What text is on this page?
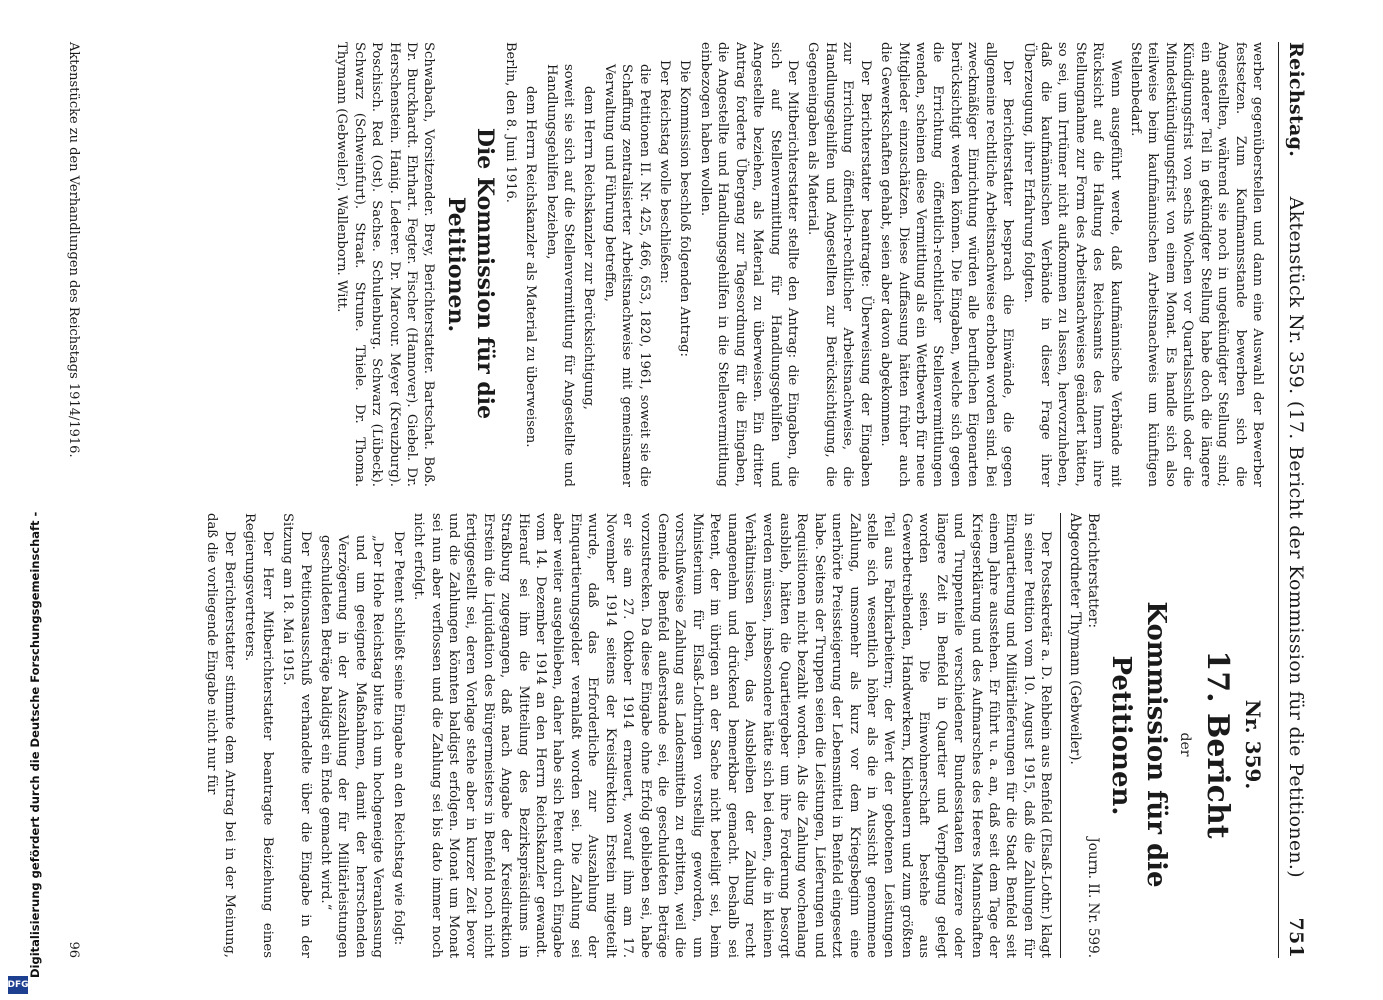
Reichstag.
Aktenstück Nr. 359. (17. Bericht der Kommission für die Petitionen.)
751

werber gegenüberstellen und dann eine Auswahl der Bewerber festsetzen. Zum Kaufmannsstande bewerben sich die Angestellten, während sie noch in ungekündigter Stellung sind; ein anderer Teil in gekündigter Stellung habe doch die längere Kündigungsfrist von sechs Wochen vor Quartalsschluß oder die Mindestkündigungsfrist von einem Monat. Es handle sich also teilweise beim kaufmännischen Arbeitsnachweis um künftigen Stellenbedarf.

Wenn ausgeführt werde, daß kaufmännische Verbände mit Rücksicht auf die Haltung des Reichsamts des Innern ihre Stellungnahme zur Form des Arbeitsnachweises geändert hätten, so sei, um Irrtümer nicht aufkommen zu lassen, hervorzuheben, daß die kaufmännischen Verbände in dieser Frage ihrer Überzeugung, ihrer Erfahrung folgten.

Der Berichterstatter besprach die Einwände, die gegen allgemeine rechtliche Arbeitsnachweise erhoben worden sind. Bei zweckmäßiger Einrichtung würden alle beruflichen Eigenarten berücksichtigt werden können. Die Eingaben, welche sich gegen die Errichtung öffentlich-rechtlicher Stellenvermittlungen wenden, scheinen diese Vermittlung als ein Wettbewerb für neue Mitglieder einzuschätzen. Diese Auffassung hätten früher auch die Gewerkschaften gehabt, seien aber davon abgekommen.

Der Berichterstatter beantragte: Überweisung der Eingaben zur Errichtung öffentlich-rechtlicher Arbeitsnachweise, die Handlungsgehilfen und Angestellten zur Berücksichtigung, die Gegeneingaben als Material.

Der Mitberichterstatter stellte den Antrag: die Eingaben, die sich auf Stellenvermittlung für Handlungsgehilfen und Angestellte beziehen, als Material zu überweisen. Ein dritter Antrag forderte Übergang zur Tagesordnung für die Eingaben, die Angestellte und Handlungsgehilfen in die Stellenvermittlung einbezogen haben wollen.

Die Kommission beschloß folgenden Antrag:

Der Reichstag wolle beschließen:

die Petitionen II. Nr. 425, 466, 653, 1820, 1961, soweit sie die Schaffung zentralisierter Arbeitsnachweise mit gemeinsamer Verwaltung und Führung betreffen,

dem Herrn Reichskanzler zur Berücksichtigung,

soweit sie sich auf die Stellenvermittlung für Angestellte und Handlungsgehilfen beziehen,

dem Herrn Reichskanzler als Material zu überweisen.

Berlin, den 8. Juni 1916.

Die Kommission für die Petitionen.

Schwabach, Vorsitzender. Brey, Berichterstatter. Bartschat. Boß. Dr. Burckhardt. Ehrhart. Fegter. Fischer (Hannover). Giebel. Dr. Herschenstein. Hanig. Lederer. Dr. Marcour. Meyer (Kreuzburg). Poschisch. Red (Ost). Sachse. Schulenburg. Schwarz (Lübeck). Schwarz (Schweinfurt). Straat. Strune. Thiele. Dr. Thoma. Thymann (Gebweiler). Wallenborn. Witt.

Nr. 359.

17. Bericht

der

Kommission für die Petitionen.

Berichterstatter:
Abgeordneter Thymann (Gebweiler).
Journ. II. Nr. 599.

Der Postsekretär a. D. Rehbein aus Benfeld (Elsaß-Lothr.) klagt in seiner Petition vom 10. August 1915, daß die Zahlungen für Einquartierung und Militärlieferungen für die Stadt Benfeld seit einem Jahre ausstehen. Er führt u. a. an, daß seit dem Tage der Kriegserklärung und des Aufmarsches des Heeres Mannschaften und Truppenteile verschiedener Bundesstaaten kürzere oder längere Zeit in Benfeld in Quartier und Verpflegung gelegt worden seien. Die Einwohnerschaft bestehe aus Gewerbetreibenden, Handwerkern, Kleinbauern und zum größten Teil aus Fabrikarbeitern; der Wert der gebotenen Leistungen stelle sich wesentlich höher als die in Aussicht genommene Zahlung, umsomehr als kurz vor dem Kriegsbeginn eine unerhörte Preissteigerung der Lebensmittel in Benfeld eingesetzt habe. Seitens der Truppen seien die Leistungen, Lieferungen und Requisitionen nicht bezahlt worden. Als die Zahlung wochenlang ausblieb, hätten die Quartiergeber um ihre Forderung besorgt werden müssen, insbesondere hätte sich bei denen, die in kleinen Verhältnissen leben, das Ausbleiben der Zahlung recht unangenehm und drückend bemerkbar gemacht. Deshalb sei Petent, der im übrigen an der Sache nicht beteiligt sei, beim Ministerium für Elsaß-Lothringen vorstellig geworden, um vorschußweise Zahlung aus Landesmitteln zu erbitten, weil die Gemeinde Benfeld außerstande sei, die geschuldeten Beträge vorzustrecken. Da diese Eingabe ohne Erfolg geblieben sei, habe er sie am 27. Oktober 1914 erneuert, worauf ihm am 17. November 1914 seitens der Kreisdirektion Erstein mitgeteilt wurde, daß das Erforderliche zur Auszahlung der Einquartierungsgelder veranlaßt worden sei. Die Zahlung sei aber weiter ausgeblieben, daher habe sich Petent durch Eingabe vom 14. Dezember 1914 an den Herrn Reichskanzler gewandt. Hierauf sei ihm die Mitteilung des Bezirkspräsidiums in Straßburg zugegangen, daß nach Angabe der Kreisdirektion Erstein die Liquidation des Bürgermeisters in Benfeld noch nicht fertiggestellt sei, deren Vorlage stehe aber in kurzer Zeit bevor und die Zahlungen könnten baldigst erfolgen. Monat um Monat sei nun aber verflossen und die Zahlung sei bis dato immer noch nicht erfolgt.

Der Petent schließt seine Eingabe an den Reichstag wie folgt:

„Der Hohe Reichstag bitte ich um hochgeneigte Veranlassung und um geeignete Maßnahmen, damit der herrschenden Verzögerung in der Auszahlung der für Militärleistungen geschuldeten Beträge baldigst ein Ende gemacht wird.“

Der Petitionsausschuß verhandelte über die Eingabe in der Sitzung am 18. Mai 1915.

Der Herr Mitberichterstatter beantragte Beiziehung eines Regierungsvertreters.

Der Berichterstatter stimmte dem Antrag bei in der Meinung, daß die vorliegende Eingabe nicht nur für

Aktenstücke zu den Verhandlungen des Reichstags 1914/1916.
96
Digitalisierung gefördert durch die Deutsche Forschungsgemeinschaft -
DFG
